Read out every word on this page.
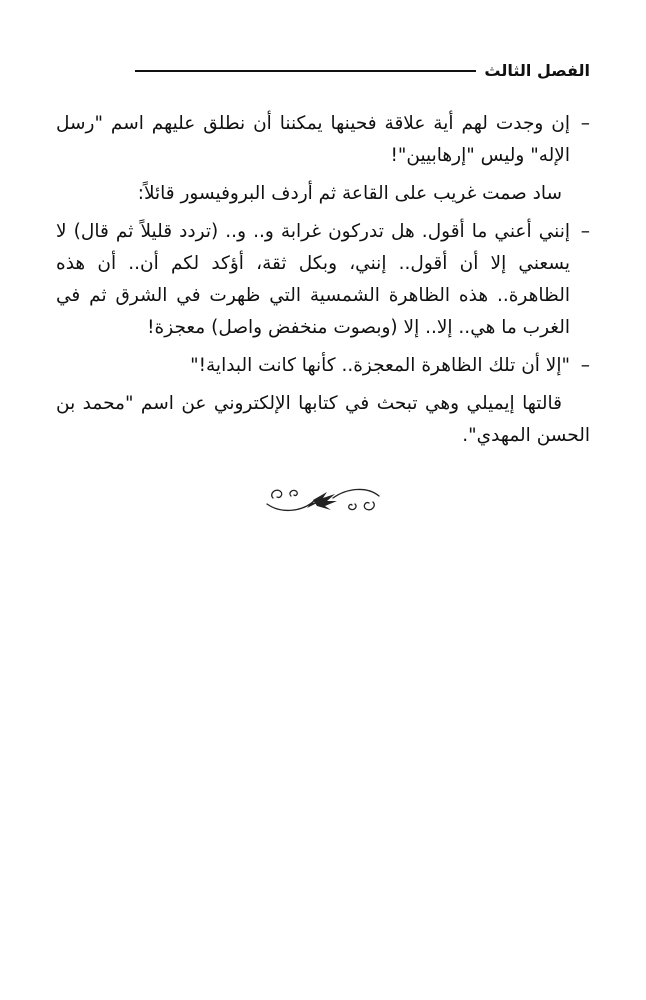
الفصل الثالث

–
إن وجدت لهم أية علاقة فحينها يمكننا أن نطلق عليهم اسم "رسل الإله" وليس "إرهابيين"!

ساد صمت غريب على القاعة ثم أردف البروفيسور قائلاً:

–
إنني أعني ما أقول. هل تدركون غرابة و.. و.. (تردد قليلاً ثم قال) لا يسعني إلا أن أقول.. إنني، وبكل ثقة، أؤكد لكم أن.. أن هذه الظاهرة.. هذه الظاهرة الشمسية التي ظهرت في الشرق ثم في الغرب ما هي.. إلا.. إلا (وبصوت منخفض واصل) معجزة!

–
"إلا أن تلك الظاهرة المعجزة.. كأنها كانت البداية!"

قالتها إيميلي وهي تبحث في كتابها الإلكتروني عن اسم "محمد بن الحسن المهدي".
